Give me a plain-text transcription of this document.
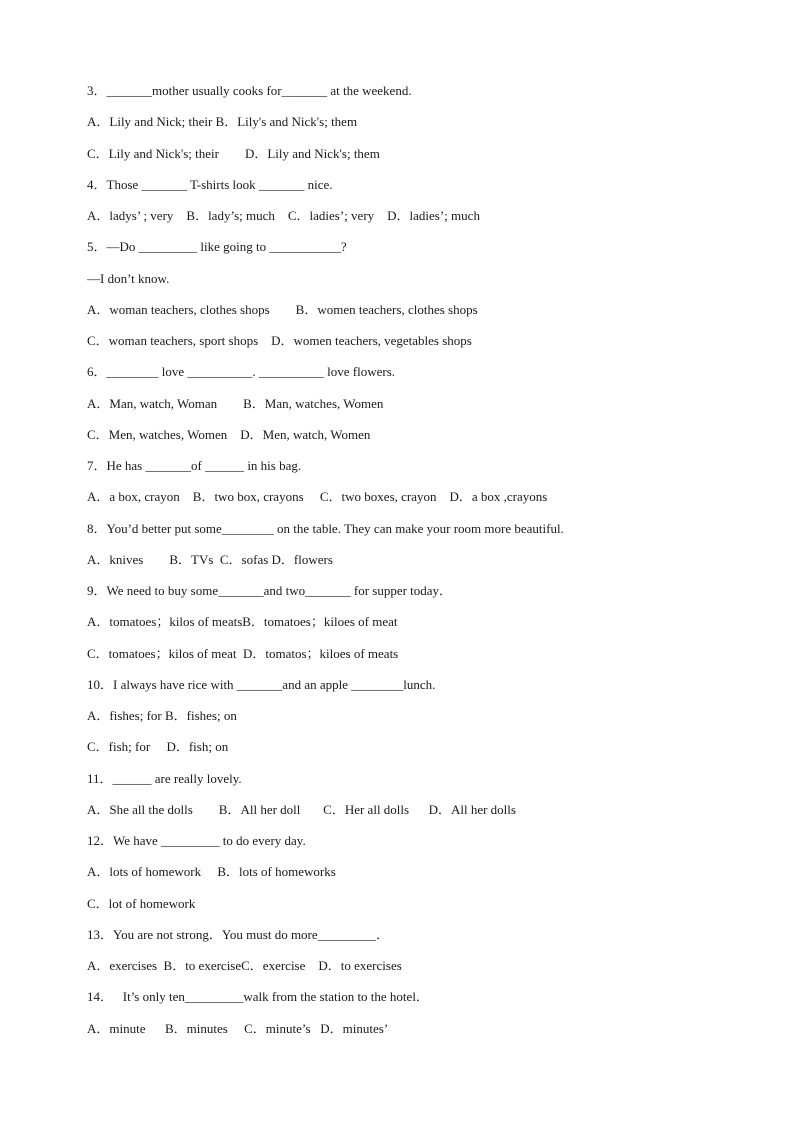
3．_______mother usually cooks for_______ at the weekend.
A．Lily and Nick; their B．Lily's and Nick's; them
C．Lily and Nick's; their        D．Lily and Nick's; them
4．Those _______ T-shirts look _______ nice.
A．ladys’ ; very    B．lady’s; much    C．ladies’; very    D．ladies’; much
5．—Do _________ like going to ___________?
—I don’t know.
A．woman teachers, clothes shops        B．women teachers, clothes shops
C．woman teachers, sport shops    D．women teachers, vegetables shops
6．________ love __________. __________ love flowers.
A．Man, watch, Woman        B．Man, watches, Women
C．Men, watches, Women    D．Men, watch, Women
7．He has _______of ______ in his bag.
A．a box, crayon    B．two box, crayons     C．two boxes, crayon    D．a box ,crayons
8．You’d better put some________ on the table. They can make your room more beautiful.
A．knives        B．TVs  C．sofas D．flowers
9．We need to buy some_______and two_______ for supper today．
A．tomatoes；kilos of meatsB．tomatoes；kiloes of meat
C．tomatoes；kilos of meat  D．tomatos；kiloes of meats
10．I always have rice with _______and an apple ________lunch.
A．fishes; for B．fishes; on
C．fish; for     D．fish; on
11．______ are really lovely.
A．She all the dolls        B．All her doll       C．Her all dolls      D．All her dolls
12．We have _________ to do every day.
A．lots of homework     B．lots of homeworks
C．lot of homework
13．You are not strong．You must do more_________．
A．exercises  B．to exerciseC．exercise    D．to exercises
14．   It’s only ten_________walk from the station to the hotel．
A．minute      B．minutes     C．minute’s   D．minutes’
